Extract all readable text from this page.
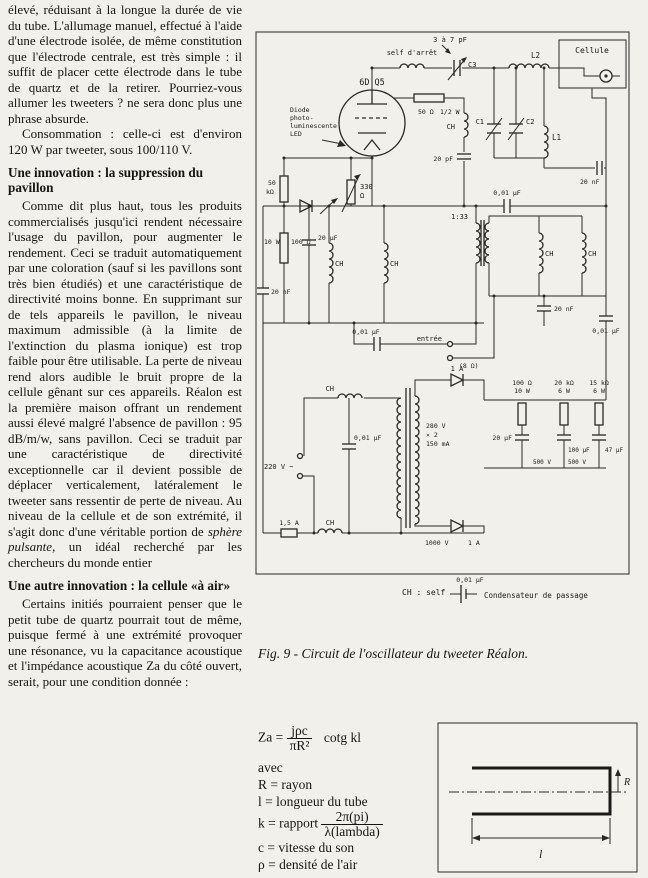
élevé, réduisant à la longue la durée de vie du tube. L'allumage manuel, effectué à l'aide d'une électrode isolée, de même constitution que l'électrode centrale, est très simple : il suffit de placer cette électrode dans le tube de quartz et de la retirer. Pourriez-vous allumer les tweeters ? ne sera donc plus une phrase absurde.

Consommation : celle-ci est d'environ 120 W par tweeter, sous 100/110 V.

Une innovation : la suppression du pavillon

Comme dit plus haut, tous les produits commercialisés jusqu'ici rendent nécessaire l'usage du pavillon, pour augmenter le rendement. Ceci se traduit automatiquement par une coloration (sauf si les pavillons sont très bien étudiés) et une caractéristique de directivité moins bonne. En supprimant sur de tels appareils le pavillon, le niveau maximum admissible (à la limite de l'extinction du plasma ionique) est trop faible pour être utilisable. La perte de niveau rend alors audible le bruit propre de la cellule gênant sur ces appareils. Réalon est la première maison offrant un rendement aussi élevé malgré l'absence de pavillon : 95 dB/m/w, sans pavillon. Ceci se traduit par une caractéristique de directivité exceptionnelle car il devient possible de déplacer verticalement, latéralement le tweeter sans ressentir de perte de niveau. Au niveau de la cellule et de son extrémité, il s'agit donc d'une véritable portion de sphère pulsante, un idéal recherché par les chercheurs du monde entier

Une autre innovation : la cellule «à air»

Certains initiés pourraient penser que le petit tube de quartz pourrait tout de même, puisque fermé à une extrémité provoquer une résonance, vu la capacitance acoustique et l'impédance acoustique Za du côté ouvert, serait, pour une condition donnée :

self d'arrêt
C3
3 à 7 pF
L2
Cellule
6D Q5
Diode
photo-
luminescente
LED
50 Ω 1/2 W
CH
20 pF
C1	C2
L1
20 nF
330
Ω
50
kΩ
20 μF
10 W 100 Ω
20 nF
CH	CH
1:33
0,01 μF
CH	CH
20 nF
0,01 μF
entrée
(8 Ω)
0,01 μF
1 A
1000 V	1 A
280 V
× 2
150 mA
CH
220 V ~
0,01 μF
100 Ω
10 W
20 kΩ
6 W
15 kΩ
6 W
20 μF
100 μF	47 μF
500 V	500 V
1,5 A	CH
CH : self
0,01 μF
Condensateur de passage
Fig. 9 - Circuit de l'oscillateur du tweeter Réalon.
$Za = \frac{\text{jρc}}{\text{πR²}}$ cotg kl
avec
R = rayon
l = longueur du tube
k = rapport $\frac{2\pi(pi)}{\text{λ(lambda)}}$
c = vitesse du son
ρ = densité de l'air
R
l
